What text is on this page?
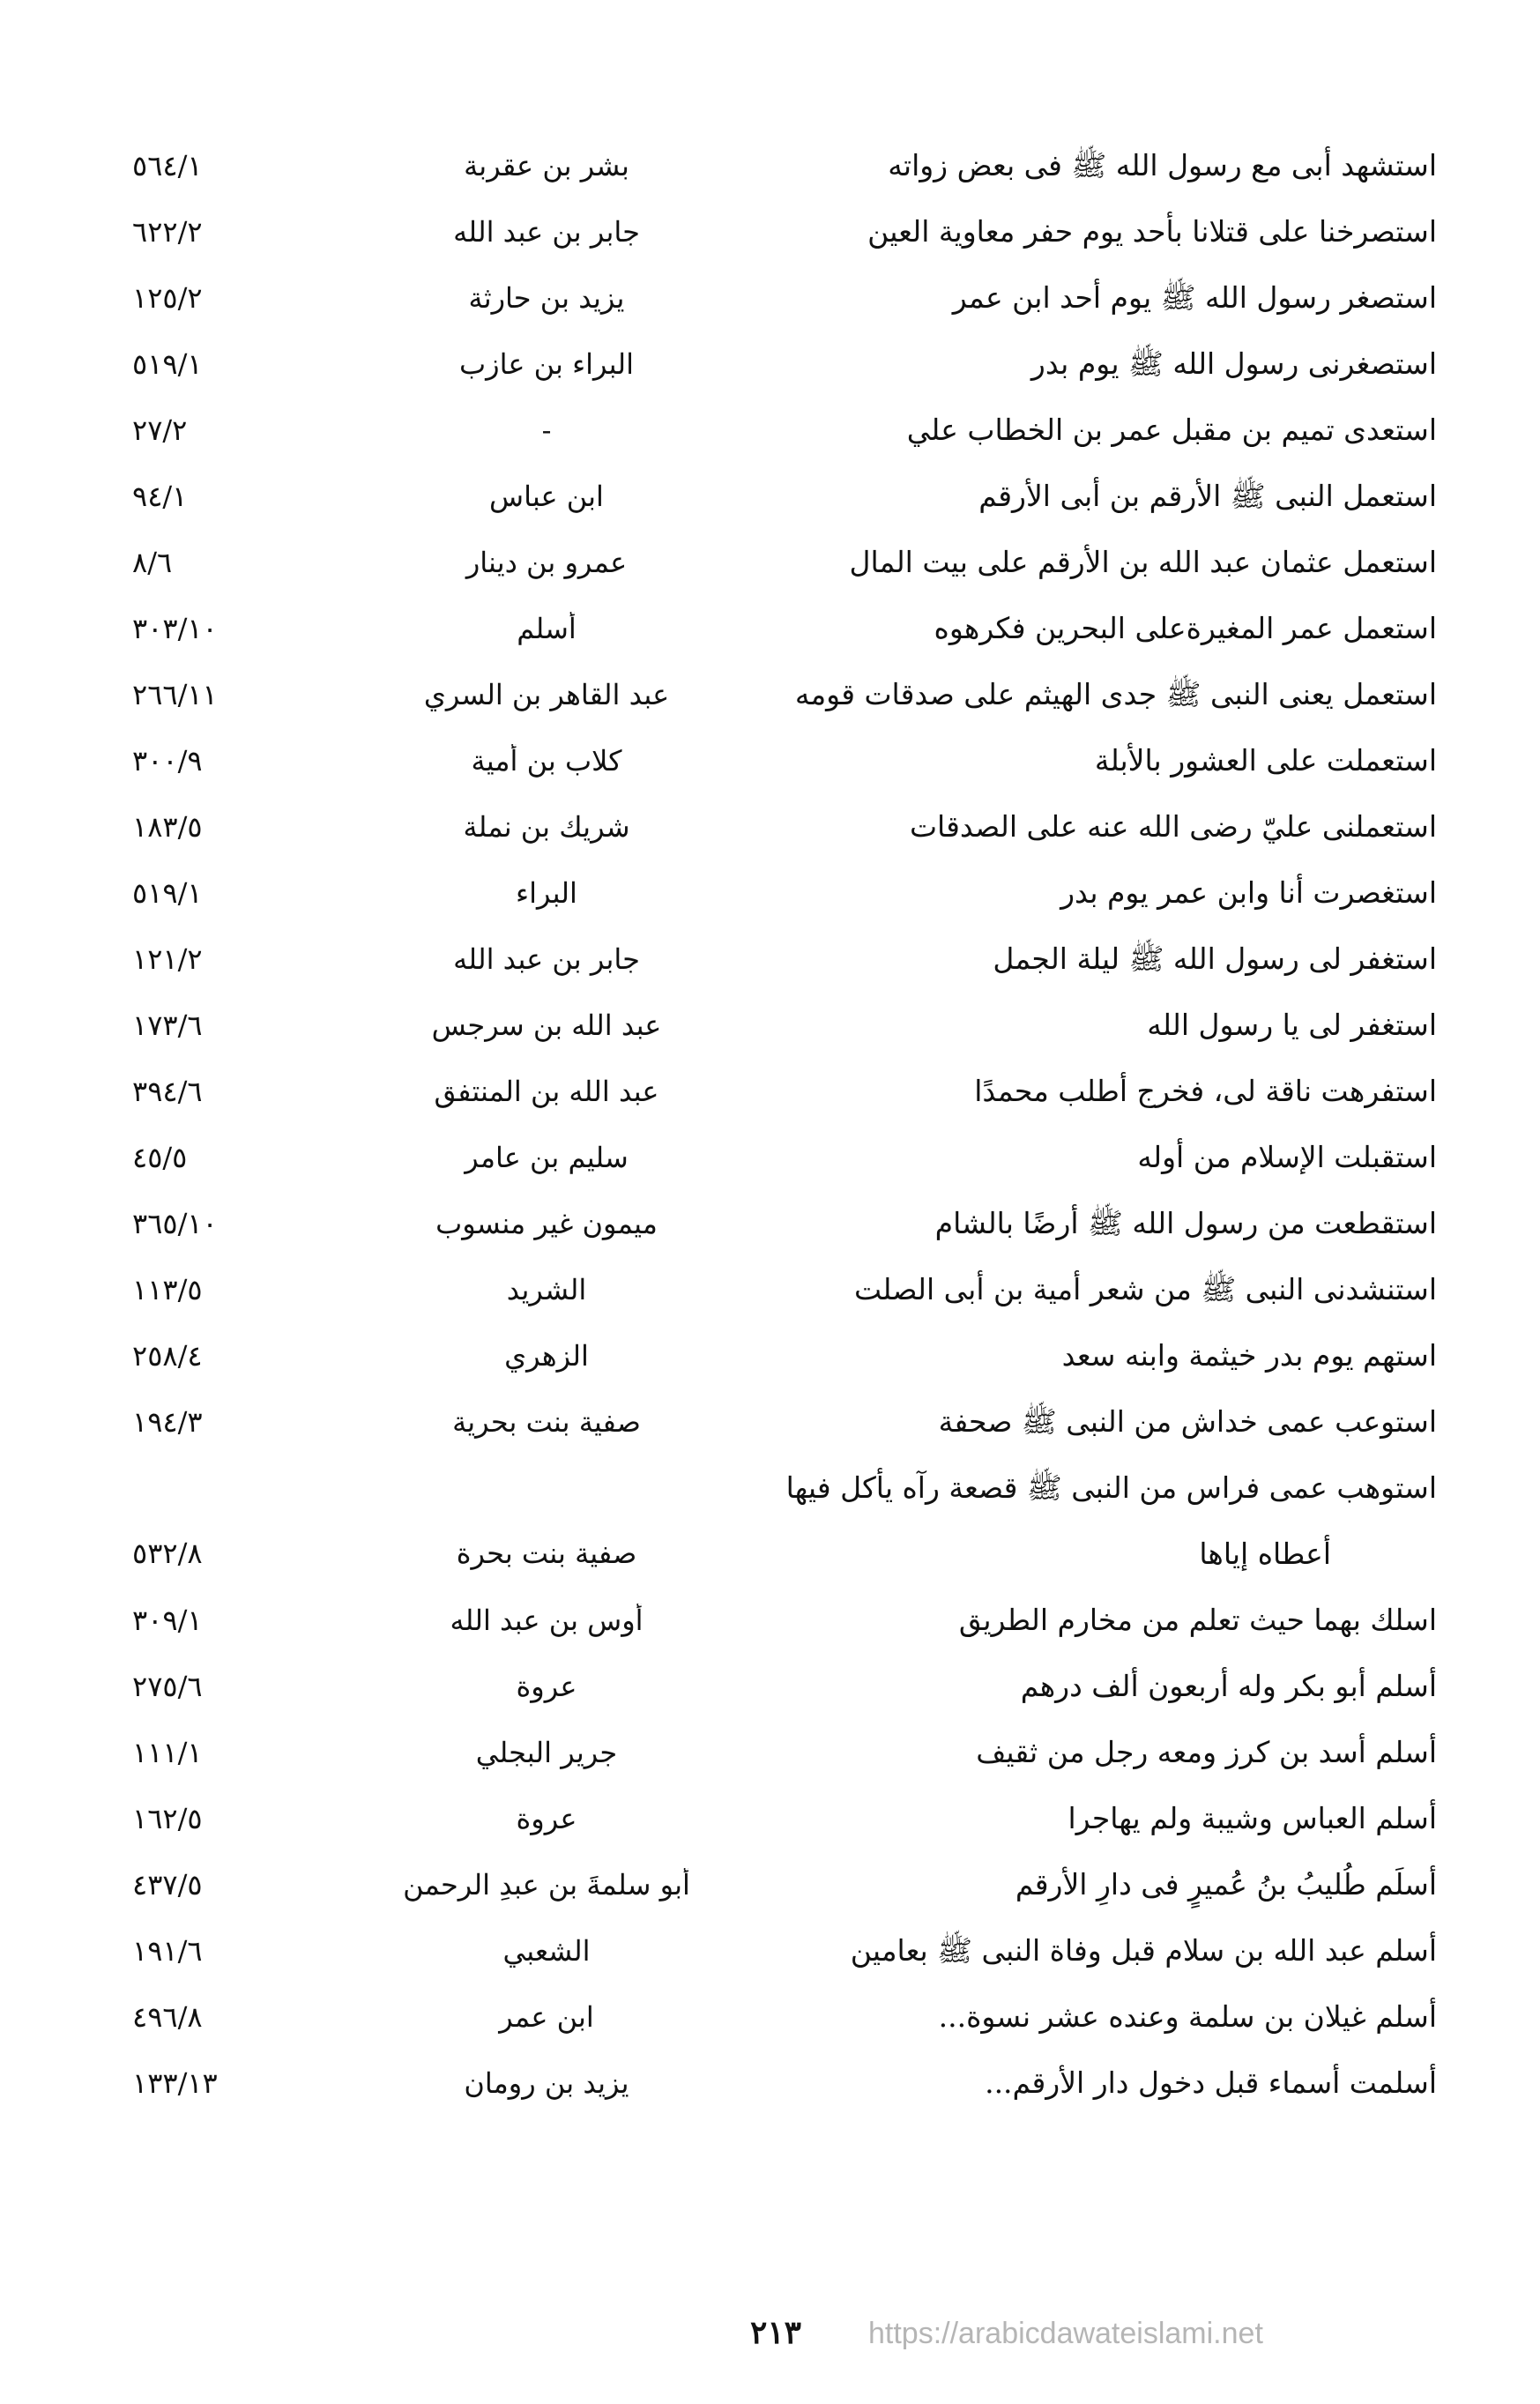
استشهد أبى مع رسول الله ﷺ فى بعض زواته
بشر بن عقربة
٥٦٤/١
استصرخنا على قتلانا بأحد يوم حفر معاوية العين
جابر بن عبد الله
٦٢٢/٢
استصغر رسول الله ﷺ يوم أحد ابن عمر
يزيد بن حارثة
١٢٥/٢
استصغرنى رسول الله ﷺ يوم بدر
البراء بن عازب
٥١٩/١
استعدى تميم بن مقبل عمر بن الخطاب علي
-
٢٧/٢
استعمل النبى ﷺ الأرقم بن أبى الأرقم
ابن عباس
٩٤/١
استعمل عثمان عبد الله بن الأرقم على بيت المال
عمرو بن دينار
٨/٦
استعمل عمر المغيرةعلى البحرين فكرهوه
أسلم
٣٠٣/١٠
استعمل يعنى النبى ﷺ جدى الهيثم على صدقات قومه
عبد القاهر بن السري
٢٦٦/١١
استعملت على العشور بالأبلة
كلاب بن أمية
٣٠٠/٩
استعملنى عليّ رضى الله عنه على الصدقات
شريك بن نملة
١٨٣/٥
استغصرت أنا وابن عمر يوم بدر
البراء
٥١٩/١
استغفر لى رسول الله ﷺ ليلة الجمل
جابر بن عبد الله
١٢١/٢
استغفر لى يا رسول الله
عبد الله بن سرجس
١٧٣/٦
استفرهت ناقة لى، فخرج أطلب محمدًا
عبد الله بن المنتفق
٣٩٤/٦
استقبلت الإسلام من أوله
سليم بن عامر
٤٥/٥
استقطعت من رسول الله ﷺ أرضًا بالشام
ميمون غير منسوب
٣٦٥/١٠
استنشدنى النبى ﷺ من شعر أمية بن أبى الصلت
الشريد
١١٣/٥
استهم يوم بدر خيثمة وابنه سعد
الزهري
٢٥٨/٤
استوعب عمى خداش من النبى ﷺ صحفة
صفية بنت بحرية
١٩٤/٣
استوهب عمى فراس من النبى ﷺ قصعة رآه يأكل فيها
أعطاه إياها
صفية بنت بحرة
٥٣٢/٨
اسلك بهما حيث تعلم من مخارم الطريق
أوس بن عبد الله
٣٠٩/١
أسلم أبو بكر وله أربعون ألف درهم
عروة
٢٧٥/٦
أسلم أسد بن كرز ومعه رجل من ثقيف
جرير البجلي
١١١/١
أسلم العباس وشيبة ولم يهاجرا
عروة
١٦٢/٥
أسلَم طُليبُ بنُ عُميرٍ فى دارِ الأرقم
أبو سلمةَ بنِ عبدِ الرحمنِ
٤٣٧/٥
أسلم عبد الله بن سلام قبل وفاة النبى ﷺ بعامين
الشعبي
١٩١/٦
أسلم غيلان بن سلمة وعنده عشر نسوة...
ابن عمر
٤٩٦/٨
أسلمت أسماء قبل دخول دار الأرقم...
يزيد بن رومان
١٣٣/١٣
٢١٣	https://arabicdawateislami.net
